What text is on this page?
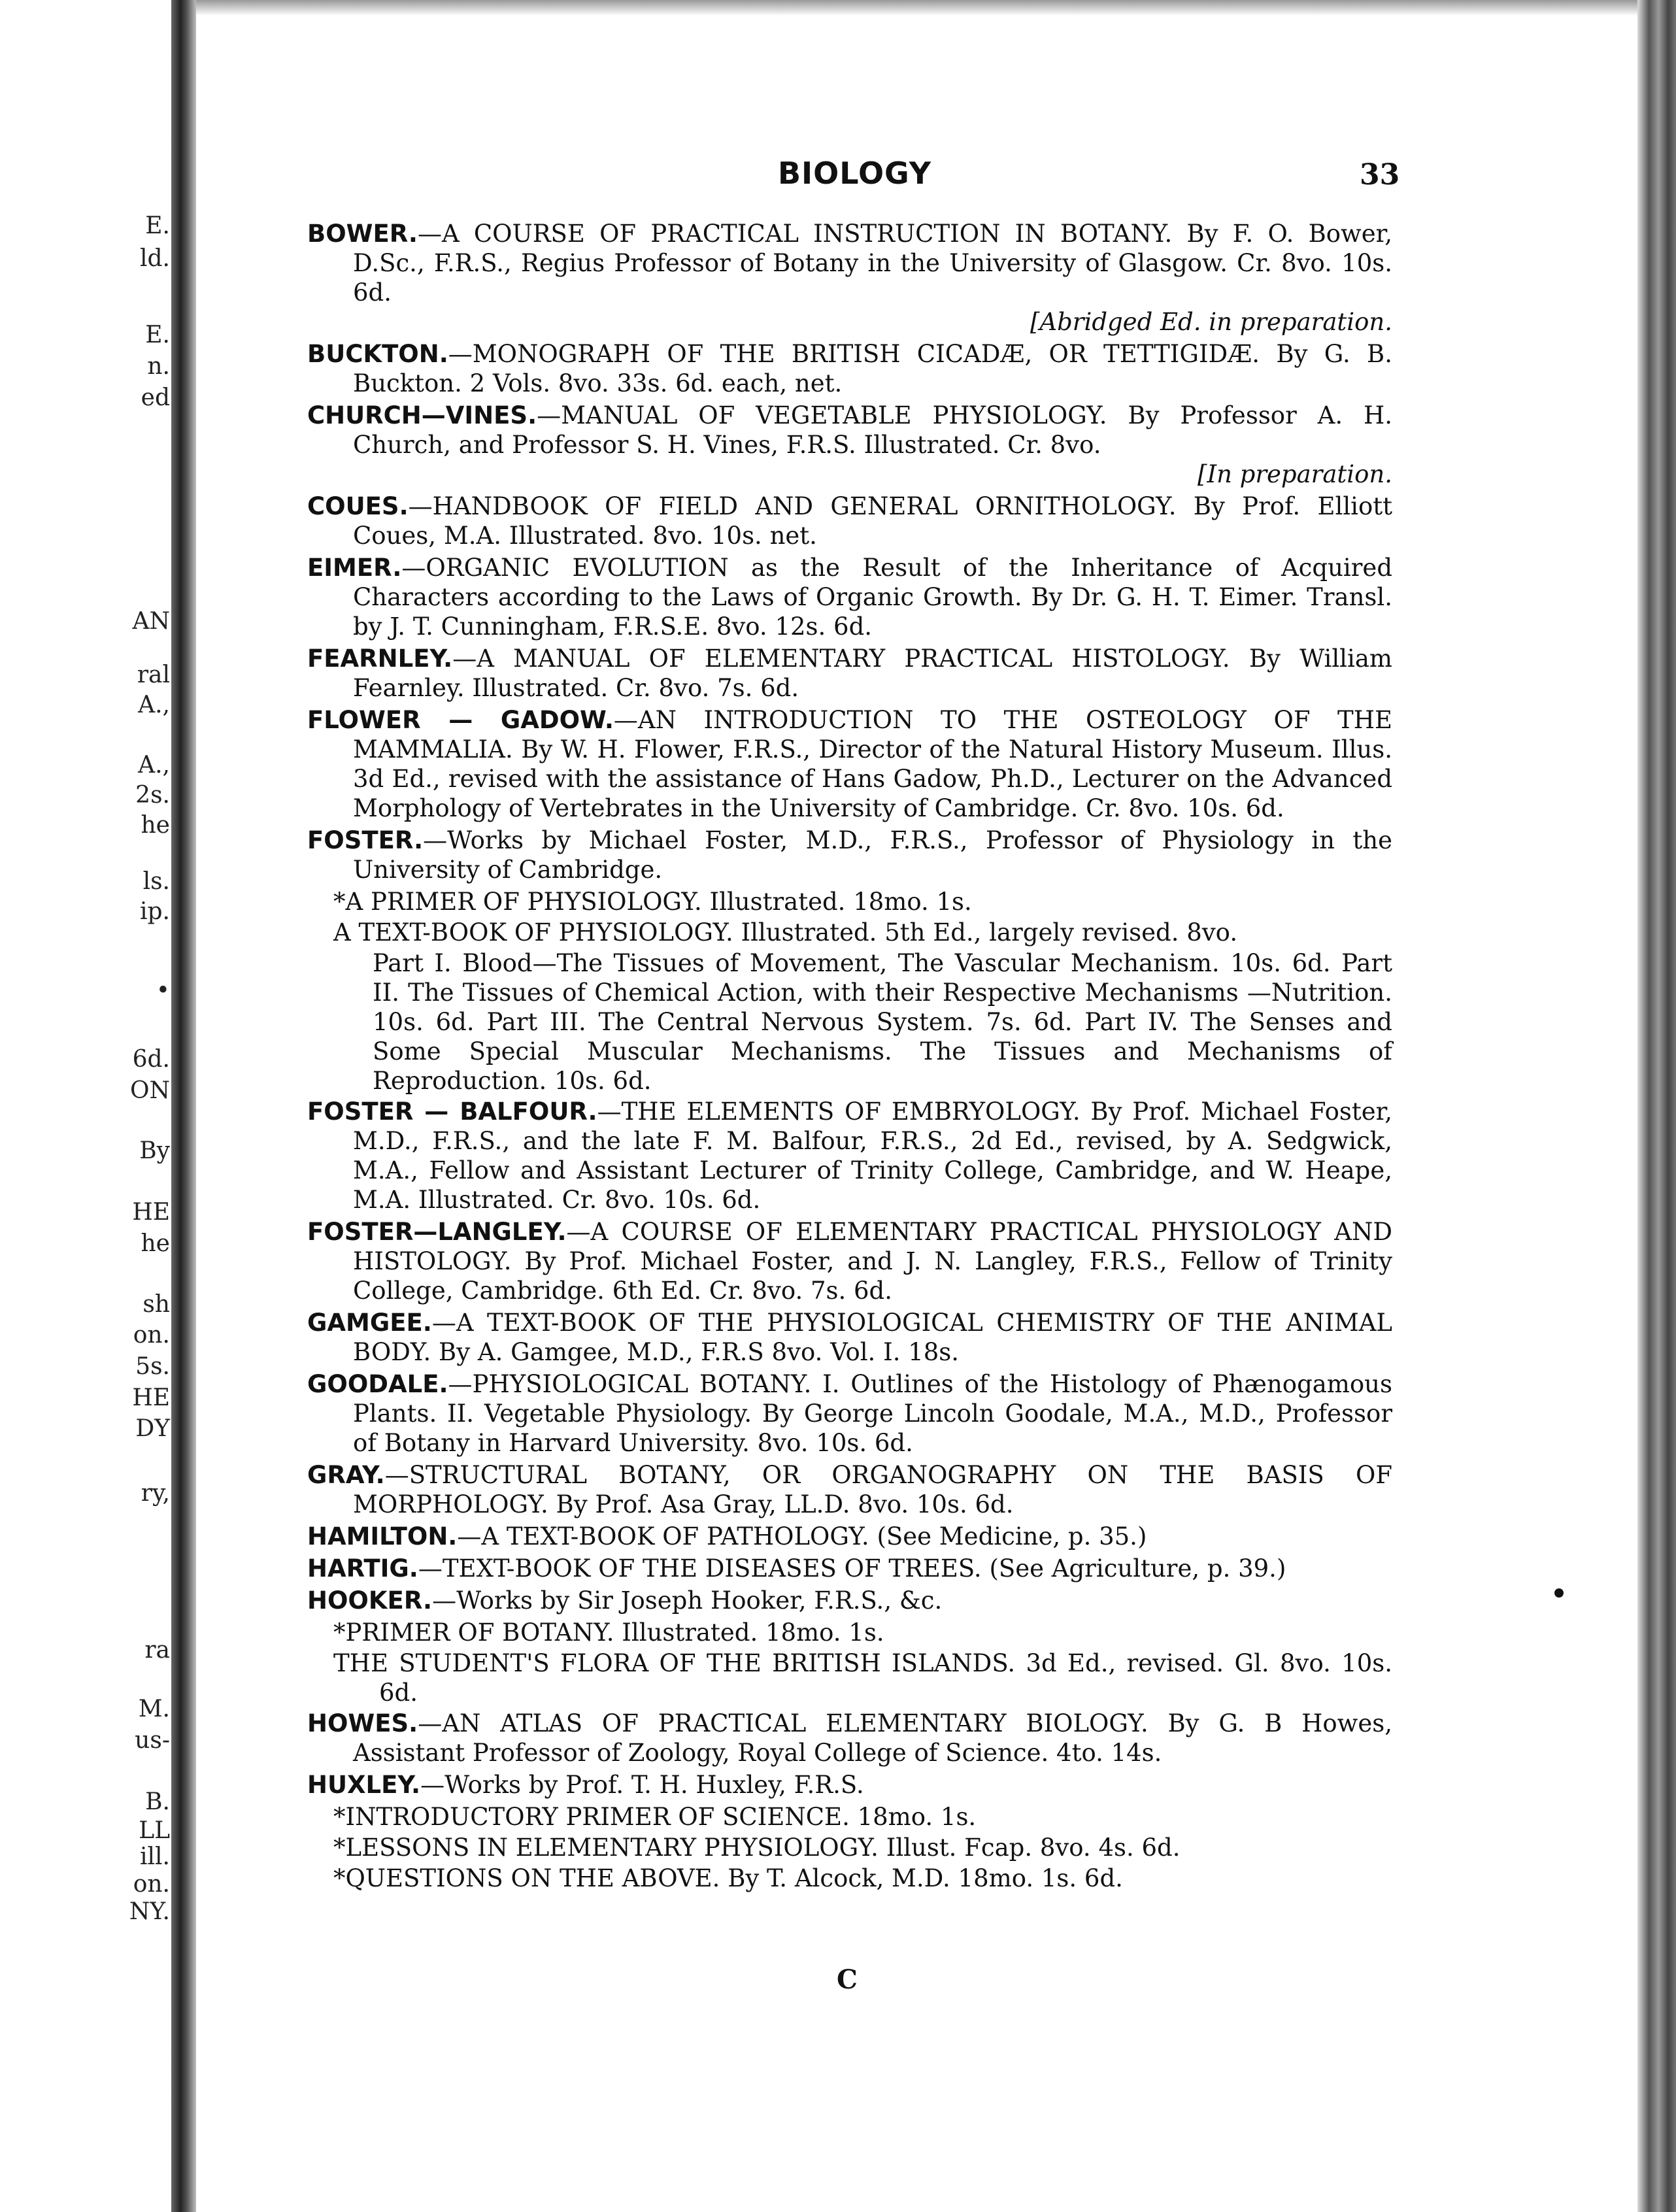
E.
ld.
E.
n.
ed
AN
ral
A.,
A.,
2s.
he
ls.
ip.
•
6d.
ON
By
HE
he
sh
on.
5s.
HE
DY
ry,
ra
M.
us-
B.
LL
ill.
on.
NY.
BIOLOGY	33
BOWER.—A COURSE OF PRACTICAL INSTRUCTION IN BOTANY. By F. O. Bower, D.Sc., F.R.S., Regius Professor of Botany in the University of Glasgow. Cr. 8vo. 10s. 6d.
[Abridged Ed. in preparation.
BUCKTON.—MONOGRAPH OF THE BRITISH CICADÆ, OR TETTIGIDÆ. By G. B. Buckton. 2 Vols. 8vo. 33s. 6d. each, net.
CHURCH—VINES.—MANUAL OF VEGETABLE PHYSIOLOGY. By Professor A. H. Church, and Professor S. H. Vines, F.R.S. Illustrated. Cr. 8vo.
[In preparation.
COUES.—HANDBOOK OF FIELD AND GENERAL ORNITHOLOGY. By Prof. Elliott Coues, M.A. Illustrated. 8vo. 10s. net.
EIMER.—ORGANIC EVOLUTION as the Result of the Inheritance of Acquired Characters according to the Laws of Organic Growth. By Dr. G. H. T. Eimer. Transl. by J. T. Cunningham, F.R.S.E. 8vo. 12s. 6d.
FEARNLEY.—A MANUAL OF ELEMENTARY PRACTICAL HISTOLOGY. By William Fearnley. Illustrated. Cr. 8vo. 7s. 6d.
FLOWER — GADOW.—AN INTRODUCTION TO THE OSTEOLOGY OF THE MAMMALIA. By W. H. Flower, F.R.S., Director of the Natural History Museum. Illus. 3d Ed., revised with the assistance of Hans Gadow, Ph.D., Lecturer on the Advanced Morphology of Vertebrates in the University of Cambridge. Cr. 8vo. 10s. 6d.
FOSTER.—Works by Michael Foster, M.D., F.R.S., Professor of Physiology in the University of Cambridge.
*A PRIMER OF PHYSIOLOGY. Illustrated. 18mo. 1s.
A TEXT-BOOK OF PHYSIOLOGY. Illustrated. 5th Ed., largely revised. 8vo.
Part I. Blood—The Tissues of Movement, The Vascular Mechanism. 10s. 6d. Part II. The Tissues of Chemical Action, with their Respective Mechanisms —Nutrition. 10s. 6d. Part III. The Central Nervous System. 7s. 6d. Part IV. The Senses and Some Special Muscular Mechanisms. The Tissues and Mechanisms of Reproduction. 10s. 6d.
FOSTER — BALFOUR.—THE ELEMENTS OF EMBRYOLOGY. By Prof. Michael Foster, M.D., F.R.S., and the late F. M. Balfour, F.R.S., 2d Ed., revised, by A. Sedgwick, M.A., Fellow and Assistant Lecturer of Trinity College, Cambridge, and W. Heape, M.A. Illustrated. Cr. 8vo. 10s. 6d.
FOSTER—LANGLEY.—A COURSE OF ELEMENTARY PRACTICAL PHYSIOLOGY AND HISTOLOGY. By Prof. Michael Foster, and J. N. Langley, F.R.S., Fellow of Trinity College, Cambridge. 6th Ed. Cr. 8vo. 7s. 6d.
GAMGEE.—A TEXT-BOOK OF THE PHYSIOLOGICAL CHEMISTRY OF THE ANIMAL BODY. By A. Gamgee, M.D., F.R.S 8vo. Vol. I. 18s.
GOODALE.—PHYSIOLOGICAL BOTANY. I. Outlines of the Histology of Phænogamous Plants. II. Vegetable Physiology. By George Lincoln Goodale, M.A., M.D., Professor of Botany in Harvard University. 8vo. 10s. 6d.
GRAY.—STRUCTURAL BOTANY, OR ORGANOGRAPHY ON THE BASIS OF MORPHOLOGY. By Prof. Asa Gray, LL.D. 8vo. 10s. 6d.
HAMILTON.—A TEXT-BOOK OF PATHOLOGY. (See Medicine, p. 35.)
HARTIG.—TEXT-BOOK OF THE DISEASES OF TREES. (See Agriculture, p. 39.)
HOOKER.—Works by Sir Joseph Hooker, F.R.S., &c.
*PRIMER OF BOTANY. Illustrated. 18mo. 1s.
THE STUDENT'S FLORA OF THE BRITISH ISLANDS. 3d Ed., revised. Gl. 8vo. 10s. 6d.
HOWES.—AN ATLAS OF PRACTICAL ELEMENTARY BIOLOGY. By G. B Howes, Assistant Professor of Zoology, Royal College of Science. 4to. 14s.
HUXLEY.—Works by Prof. T. H. Huxley, F.R.S.
*INTRODUCTORY PRIMER OF SCIENCE. 18mo. 1s.
*LESSONS IN ELEMENTARY PHYSIOLOGY. Illust. Fcap. 8vo. 4s. 6d.
*QUESTIONS ON THE ABOVE. By T. Alcock, M.D. 18mo. 1s. 6d.
C
